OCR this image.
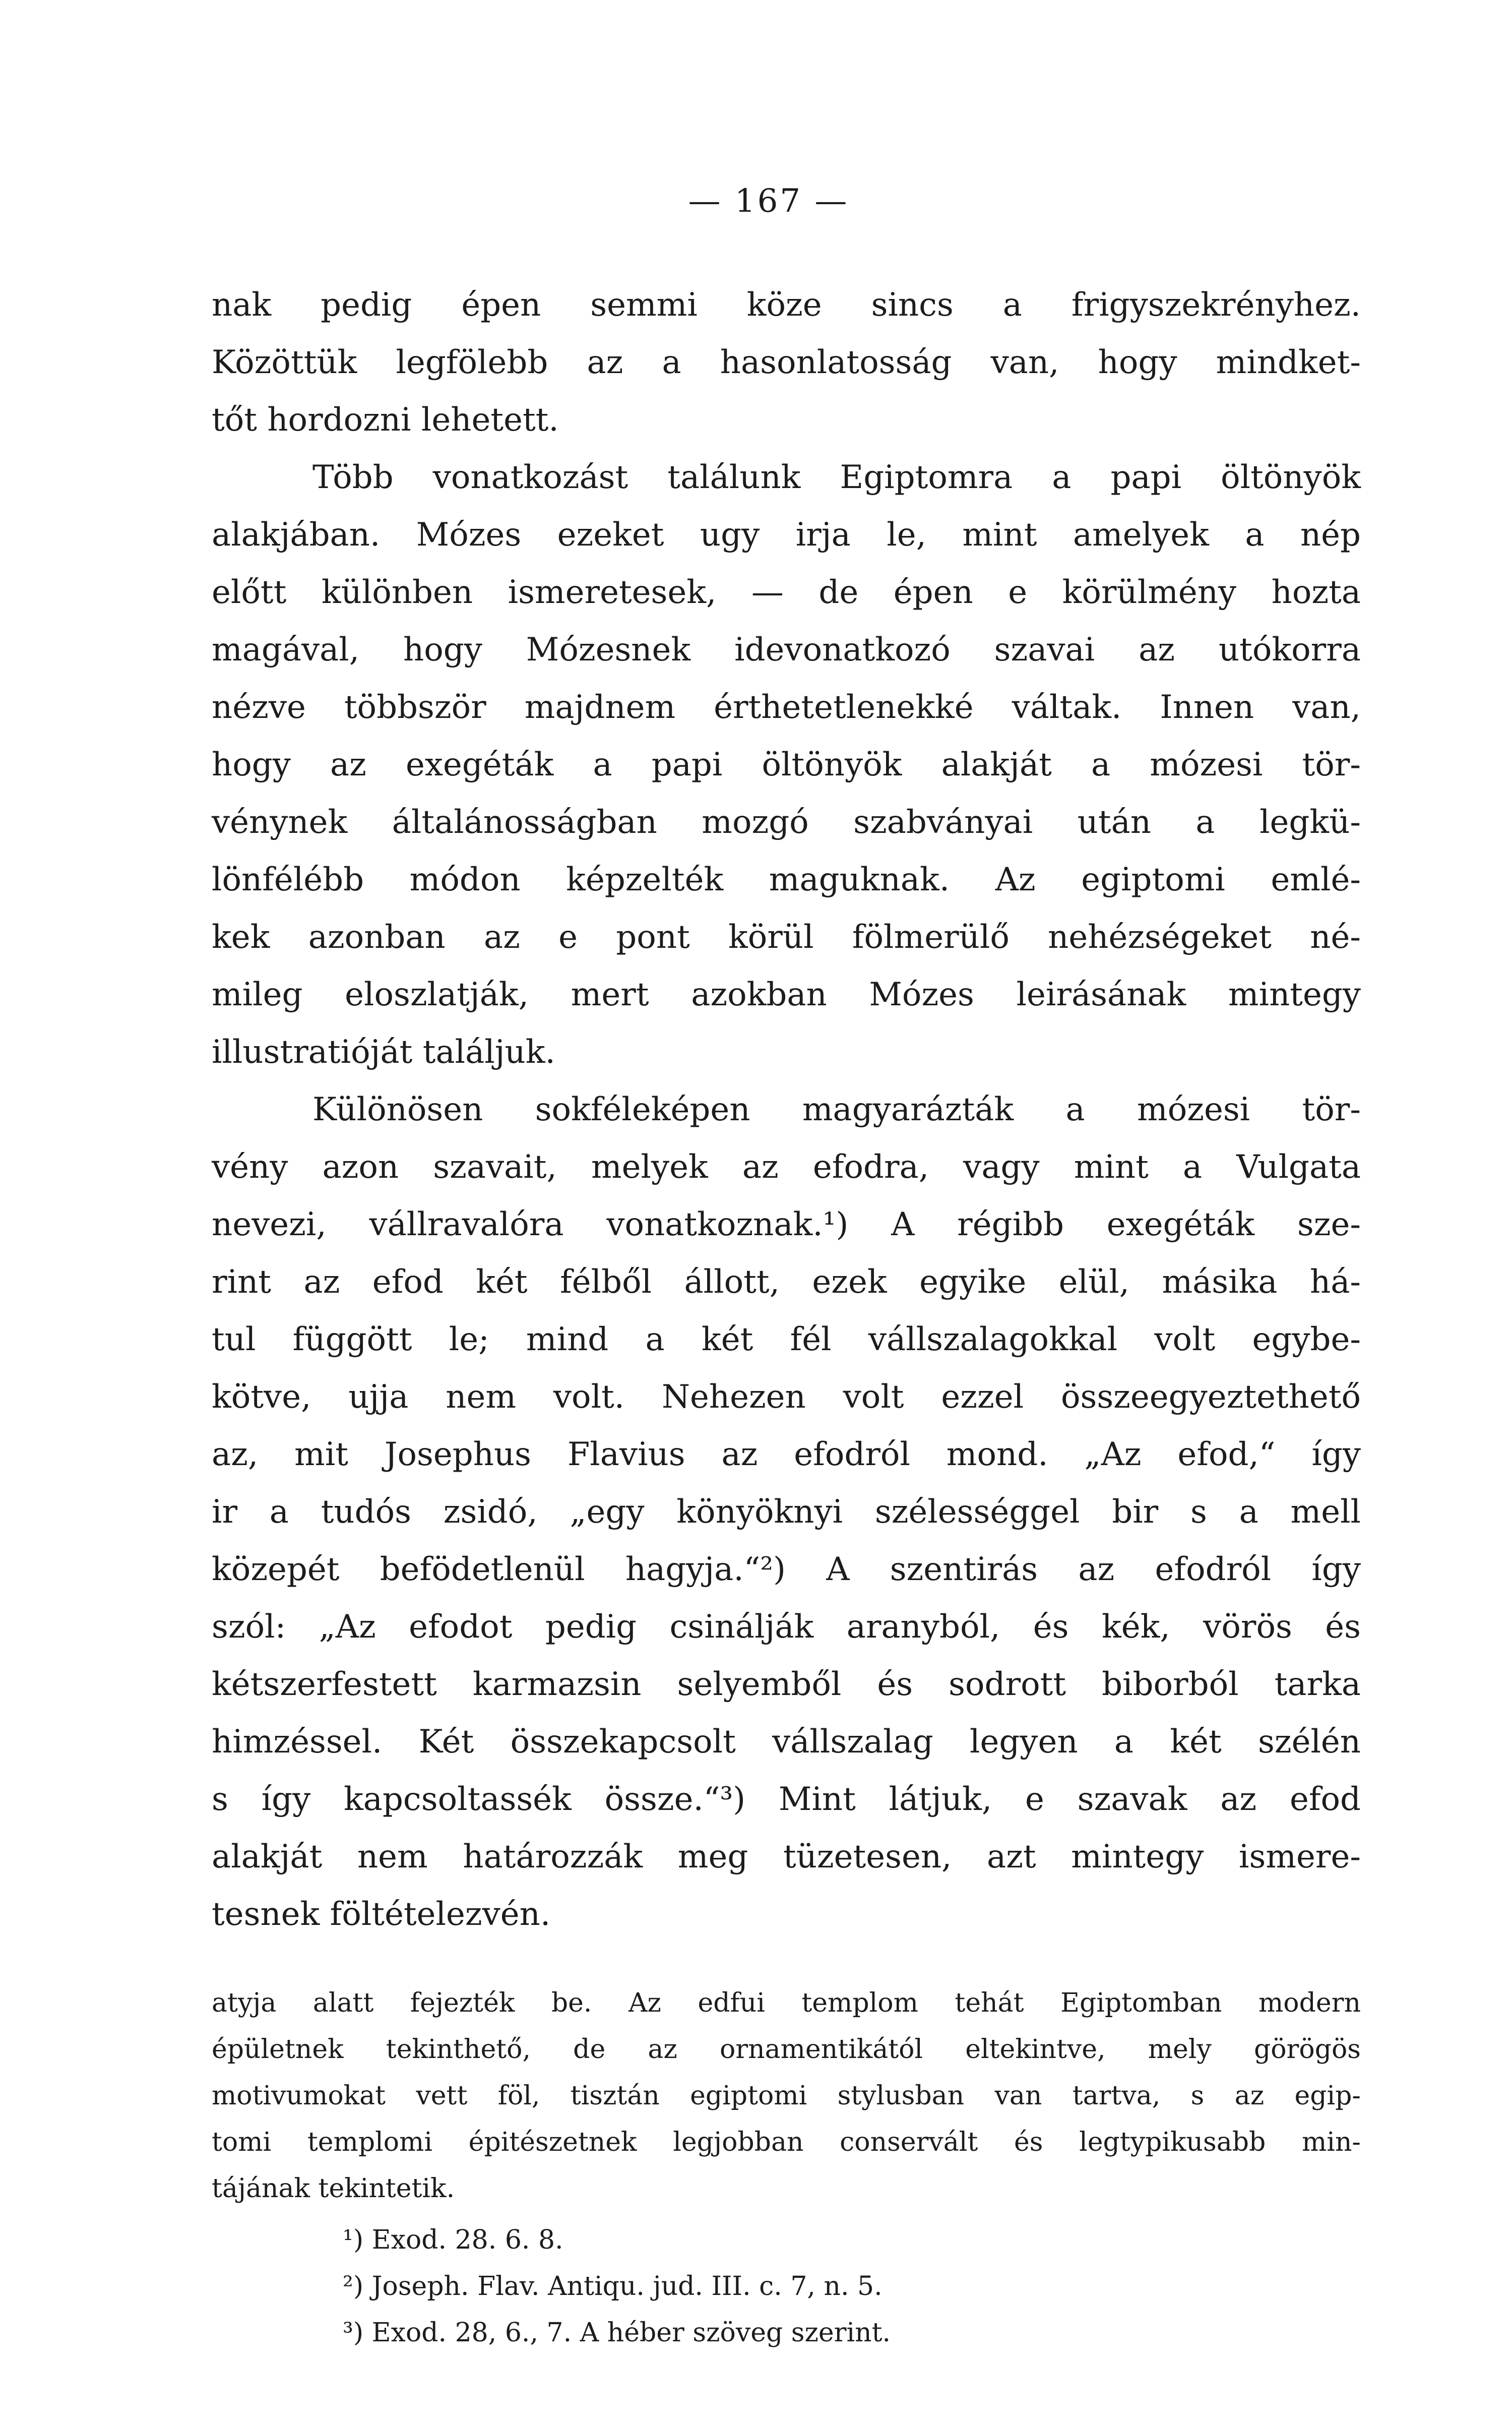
— 167 —

nak pedig épen semmi köze sincs a frigyszekrényhez.

Közöttük legfölebb az a hasonlatosság van, hogy mindket-

tőt hordozni lehetett.

Több vonatkozást találunk Egiptomra a papi öltönyök

alakjában. Mózes ezeket ugy irja le, mint amelyek a nép

előtt különben ismeretesek, — de épen e körülmény hozta

magával, hogy Mózesnek idevonatkozó szavai az utókorra

nézve többször majdnem érthetetlenekké váltak. Innen van,

hogy az exegéták a papi öltönyök alakját a mózesi tör-

vénynek általánosságban mozgó szabványai után a legkü-

lönfélébb módon képzelték maguknak. Az egiptomi emlé-

kek azonban az e pont körül fölmerülő nehézségeket né-

mileg eloszlatják, mert azokban Mózes leirásának mintegy

illustratióját találjuk.

Különösen sokféleképen magyarázták a mózesi tör-

vény azon szavait, melyek az efodra, vagy mint a Vulgata

nevezi, vállravalóra vonatkoznak.¹) A régibb exegéták sze-

rint az efod két félből állott, ezek egyike elül, másika há-

tul függött le; mind a két fél vállszalagokkal volt egybe-

kötve, ujja nem volt. Nehezen volt ezzel összeegyeztethető

az, mit Josephus Flavius az efodról mond. „Az efod,“ így

ir a tudós zsidó, „egy könyöknyi szélességgel bir s a mell

közepét befödetlenül hagyja.“²) A szentirás az efodról így

szól: „Az efodot pedig csinálják aranyból, és kék, vörös és

kétszerfestett karmazsin selyemből és sodrott biborból tarka

himzéssel. Két összekapcsolt vállszalag legyen a két szélén

s így kapcsoltassék össze.“³) Mint látjuk, e szavak az efod

alakját nem határozzák meg tüzetesen, azt mintegy ismere-

tesnek föltételezvén.

atyja alatt fejezték be. Az edfui templom tehát Egiptomban modern

épületnek tekinthető, de az ornamentikától eltekintve, mely görögös

motivumokat vett föl, tisztán egiptomi stylusban van tartva, s az egip-

tomi templomi épitészetnek legjobban conservált és legtypikusabb min-

tájának tekintetik.

¹) Exod. 28. 6. 8.

²) Joseph. Flav. Antiqu. jud. III. c. 7, n. 5.

³) Exod. 28, 6., 7. A héber szöveg szerint.
